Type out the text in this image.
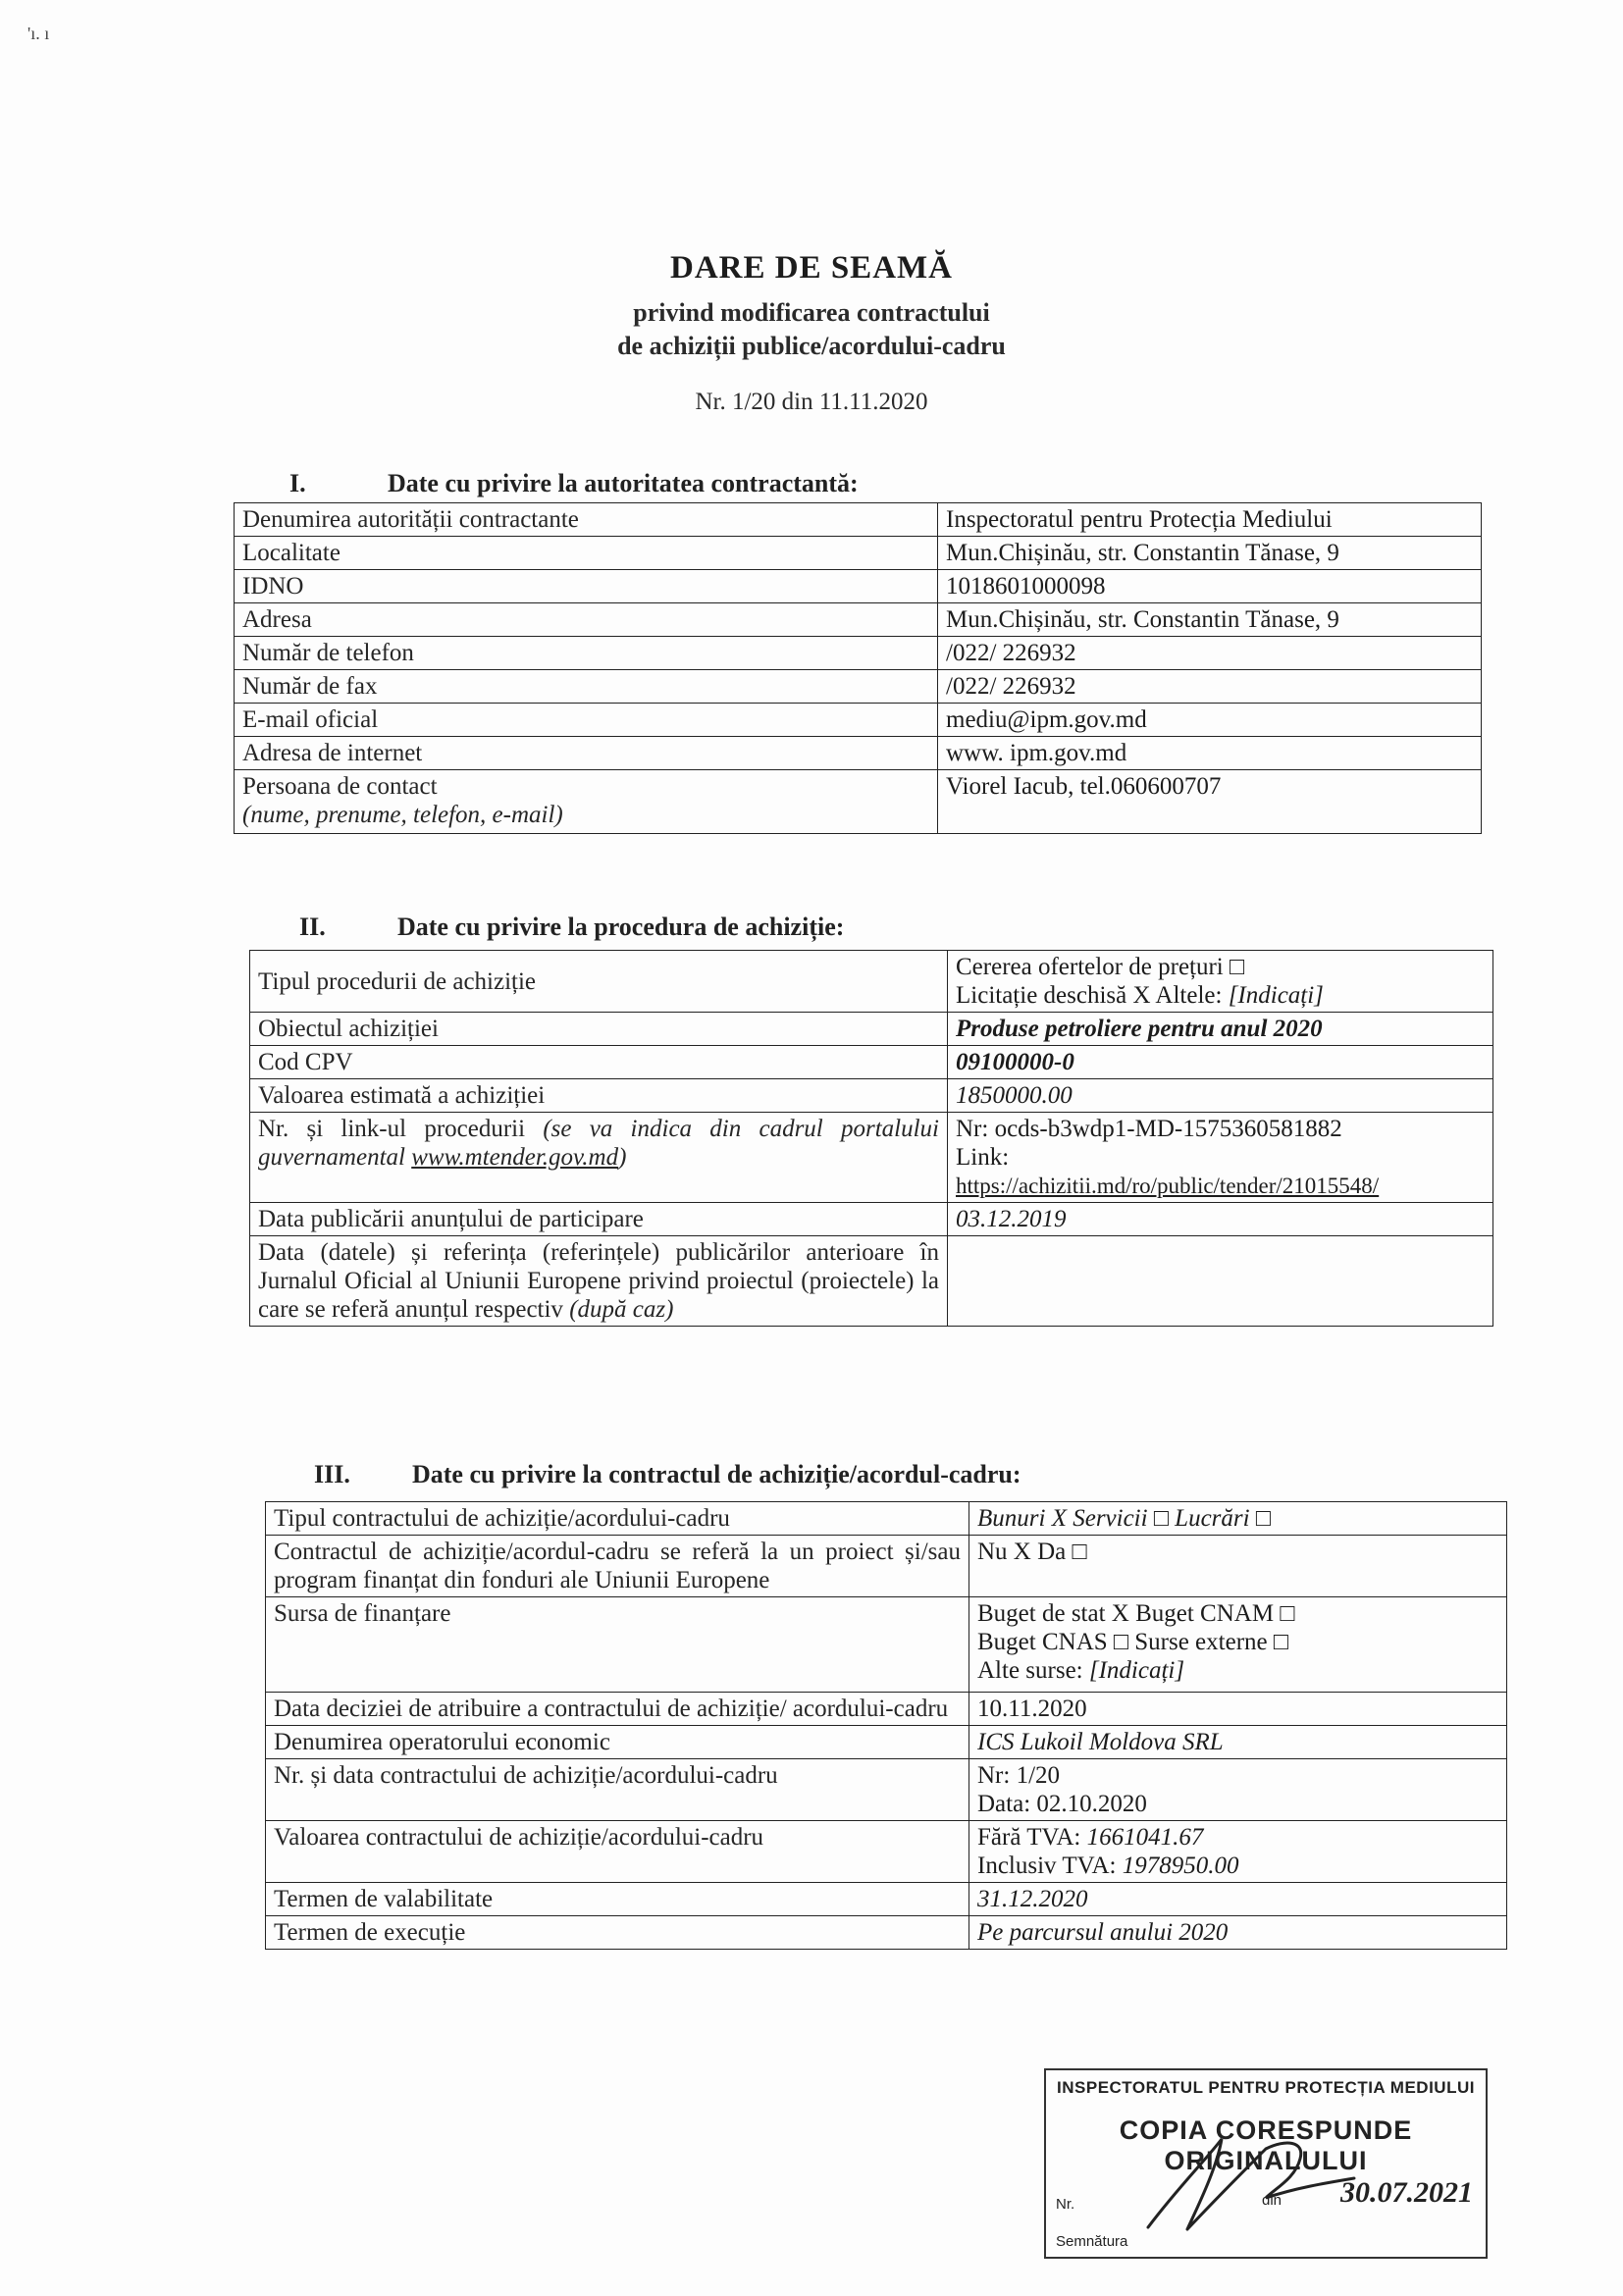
'ı. ı
DARE DE SEAMĂ
privind modificarea contractului
de achiziții publice/acordului-cadru
Nr. 1/20 din 11.11.2020
I.	Date cu privire la autoritatea contractantă:
Denumirea autorității contractante	Inspectoratul pentru Protecția Mediului
Localitate	Mun.Chișinău, str. Constantin Tănase, 9
IDNO	1018601000098
Adresa	Mun.Chișinău, str. Constantin Tănase, 9
Număr de telefon	/022/ 226932
Număr de fax	/022/ 226932
E-mail oficial	mediu@ipm.gov.md
Adresa de internet	www. ipm.gov.md

Persoana de contact
(nume, prenume, telefon, e-mail)	Viorel Iacub, tel.060600707
II.	Date cu privire la procedura de achiziție:
Tipul procedurii de achiziție	Cererea ofertelor de prețuri □
Licitație deschisă X Altele: [Indicați]

Obiectul achiziției	Produse petroliere pentru anul 2020
Cod CPV	09100000-0
Valoarea estimată a achiziției	1850000.00
Nr. și link-ul procedurii (se va indica din cadrul portalului guvernamental www.mtender.gov.md)	Nr: ocds-b3wdp1-MD-1575360581882
Link:
https://achizitii.md/ro/public/tender/21015548/

Data publicării anunțului de participare	03.12.2019
Data (datele) și referința (referințele) publicărilor anterioare în Jurnalul Oficial al Uniunii Europene privind proiectul (proiectele) la care se referă anunțul respectiv (după caz)	
III. Date cu privire la contractul de achiziție/acordul-cadru:
Tipul contractului de achiziție/acordului-cadru	Bunuri X Servicii □ Lucrări □
Contractul de achiziție/acordul-cadru se referă la un proiect și/sau program finanțat din fonduri ale Uniunii Europene	Nu X Da □
Sursa de finanțare	Buget de stat X Buget CNAM □
Buget CNAS □ Surse externe □
Alte surse: [Indicați]

Data deciziei de atribuire a contractului de achiziție/ acordului-cadru	10.11.2020
Denumirea operatorului economic	ICS Lukoil Moldova SRL
Nr. și data contractului de achiziție/acordului-cadru	Nr: 1/20
Data: 02.10.2020

Valoarea contractului de achiziție/acordului-cadru	Fără TVA: 1661041.67
Inclusiv TVA: 1978950.00

Termen de valabilitate	31.12.2020
Termen de execuție	Pe parcursul anului 2020
INSPECTORATUL PENTRU PROTECȚIA MEDIULUI
COPIA CORESPUNDE ORIGINALULUI
Nr.	din 30.07.2021
Semnătura
